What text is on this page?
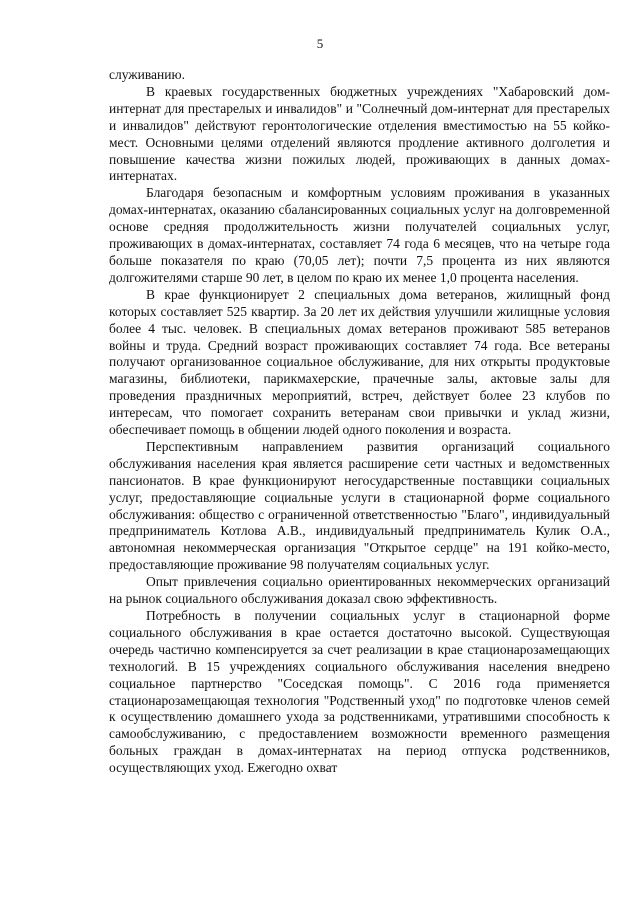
5

служиванию.

В краевых государственных бюджетных учреждениях "Хабаровский дом-интернат для престарелых и инвалидов" и "Солнечный дом-интернат для престарелых и инвалидов" действуют геронтологические отделения вместимостью на 55 койко-мест. Основными целями отделений являются продление активного долголетия и повышение качества жизни пожилых людей, проживающих в данных домах-интернатах.

Благодаря безопасным и комфортным условиям проживания в указанных домах-интернатах, оказанию сбалансированных социальных услуг на долговременной основе средняя продолжительность жизни получателей социальных услуг, проживающих в домах-интернатах, составляет 74 года 6 месяцев, что на четыре года больше показателя по краю (70,05 лет); почти 7,5 процента из них являются долгожителями старше 90 лет, в целом по краю их менее 1,0 процента населения.

В крае функционирует 2 специальных дома ветеранов, жилищный фонд которых составляет 525 квартир. За 20 лет их действия улучшили жилищные условия более 4 тыс. человек. В специальных домах ветеранов проживают 585 ветеранов войны и труда. Средний возраст проживающих составляет 74 года. Все ветераны получают организованное социальное обслуживание, для них открыты продуктовые магазины, библиотеки, парикмахерские, прачечные залы, актовые залы для проведения праздничных мероприятий, встреч, действует более 23 клубов по интересам, что помогает сохранить ветеранам свои привычки и уклад жизни, обеспечивает помощь в общении людей одного поколения и возраста.

Перспективным направлением развития организаций социального обслуживания населения края является расширение сети частных и ведомственных пансионатов. В крае функционируют негосударственные поставщики социальных услуг, предоставляющие социальные услуги в стационарной форме социального обслуживания: общество с ограниченной ответственностью "Благо", индивидуальный предприниматель Котлова А.В., индивидуальный предприниматель Кулик О.А., автономная некоммерческая организация "Открытое сердце" на 191 койко-место, предоставляющие проживание 98 получателям социальных услуг.

Опыт привлечения социально ориентированных некоммерческих организаций на рынок социального обслуживания доказал свою эффективность.

Потребность в получении социальных услуг в стационарной форме социального обслуживания в крае остается достаточно высокой. Существующая очередь частично компенсируется за счет реализации в крае стационарозамещающих технологий. В 15 учреждениях социального обслуживания населения внедрено социальное партнерство "Соседская помощь". С 2016 года применяется стационарозамещающая технология "Родственный уход" по подготовке членов семей к осуществлению домашнего ухода за родственниками, утратившими способность к самообслуживанию, с предоставлением возможности временного размещения больных граждан в домах-интернатах на период отпуска родственников, осуществляющих уход. Ежегодно охват
